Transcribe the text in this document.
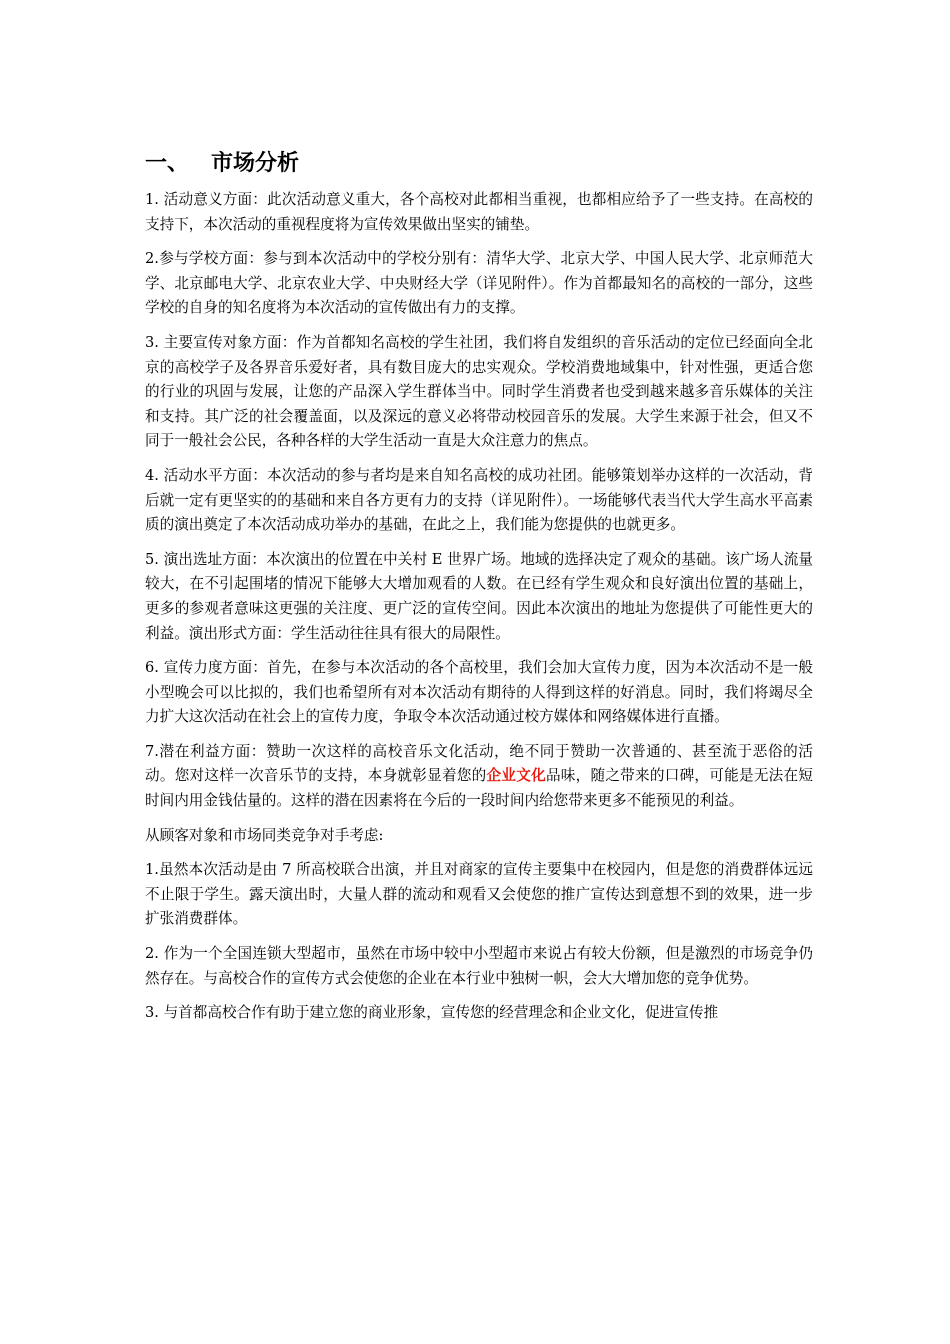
一、 市场分析

1. 活动意义方面：此次活动意义重大，各个高校对此都相当重视，也都相应给予了一些支持。在高校的支持下，本次活动的重视程度将为宣传效果做出坚实的铺垫。

2.参与学校方面：参与到本次活动中的学校分别有：清华大学、北京大学、中国人民大学、北京师范大学、北京邮电大学、北京农业大学、中央财经大学（详见附件）。作为首都最知名的高校的一部分，这些学校的自身的知名度将为本次活动的宣传做出有力的支撑。

3. 主要宣传对象方面：作为首都知名高校的学生社团，我们将自发组织的音乐活动的定位已经面向全北京的高校学子及各界音乐爱好者，具有数目庞大的忠实观众。学校消费地域集中，针对性强，更适合您的行业的巩固与发展，让您的产品深入学生群体当中。同时学生消费者也受到越来越多音乐媒体的关注和支持。其广泛的社会覆盖面，以及深远的意义必将带动校园音乐的发展。大学生来源于社会，但又不同于一般社会公民，各种各样的大学生活动一直是大众注意力的焦点。

4. 活动水平方面：本次活动的参与者均是来自知名高校的成功社团。能够策划举办这样的一次活动，背后就一定有更坚实的的基础和来自各方更有力的支持（详见附件）。一场能够代表当代大学生高水平高素质的演出奠定了本次活动成功举办的基础，在此之上，我们能为您提供的也就更多。

5. 演出选址方面：本次演出的位置在中关村 E 世界广场。地域的选择决定了观众的基础。该广场人流量较大，在不引起围堵的情况下能够大大增加观看的人数。在已经有学生观众和良好演出位置的基础上，更多的参观者意味这更强的关注度、更广泛的宣传空间。因此本次演出的地址为您提供了可能性更大的利益。演出形式方面：学生活动往往具有很大的局限性。

6. 宣传力度方面：首先，在参与本次活动的各个高校里，我们会加大宣传力度，因为本次活动不是一般小型晚会可以比拟的，我们也希望所有对本次活动有期待的人得到这样的好消息。同时，我们将竭尽全力扩大这次活动在社会上的宣传力度，争取令本次活动通过校方媒体和网络媒体进行直播。

7.潜在利益方面：赞助一次这样的高校音乐文化活动，绝不同于赞助一次普通的、甚至流于恶俗的活动。您对这样一次音乐节的支持，本身就彰显着您的企业文化品味，随之带来的口碑，可能是无法在短时间内用金钱估量的。这样的潜在因素将在今后的一段时间内给您带来更多不能预见的利益。

从顾客对象和市场同类竞争对手考虑:

1.虽然本次活动是由 7 所高校联合出演，并且对商家的宣传主要集中在校园内，但是您的消费群体远远不止限于学生。露天演出时，大量人群的流动和观看又会使您的推广宣传达到意想不到的效果，进一步扩张消费群体。

2. 作为一个全国连锁大型超市，虽然在市场中较中小型超市来说占有较大份额，但是激烈的市场竞争仍然存在。与高校合作的宣传方式会使您的企业在本行业中独树一帜，会大大增加您的竞争优势。

3. 与首都高校合作有助于建立您的商业形象，宣传您的经营理念和企业文化，促进宣传推
